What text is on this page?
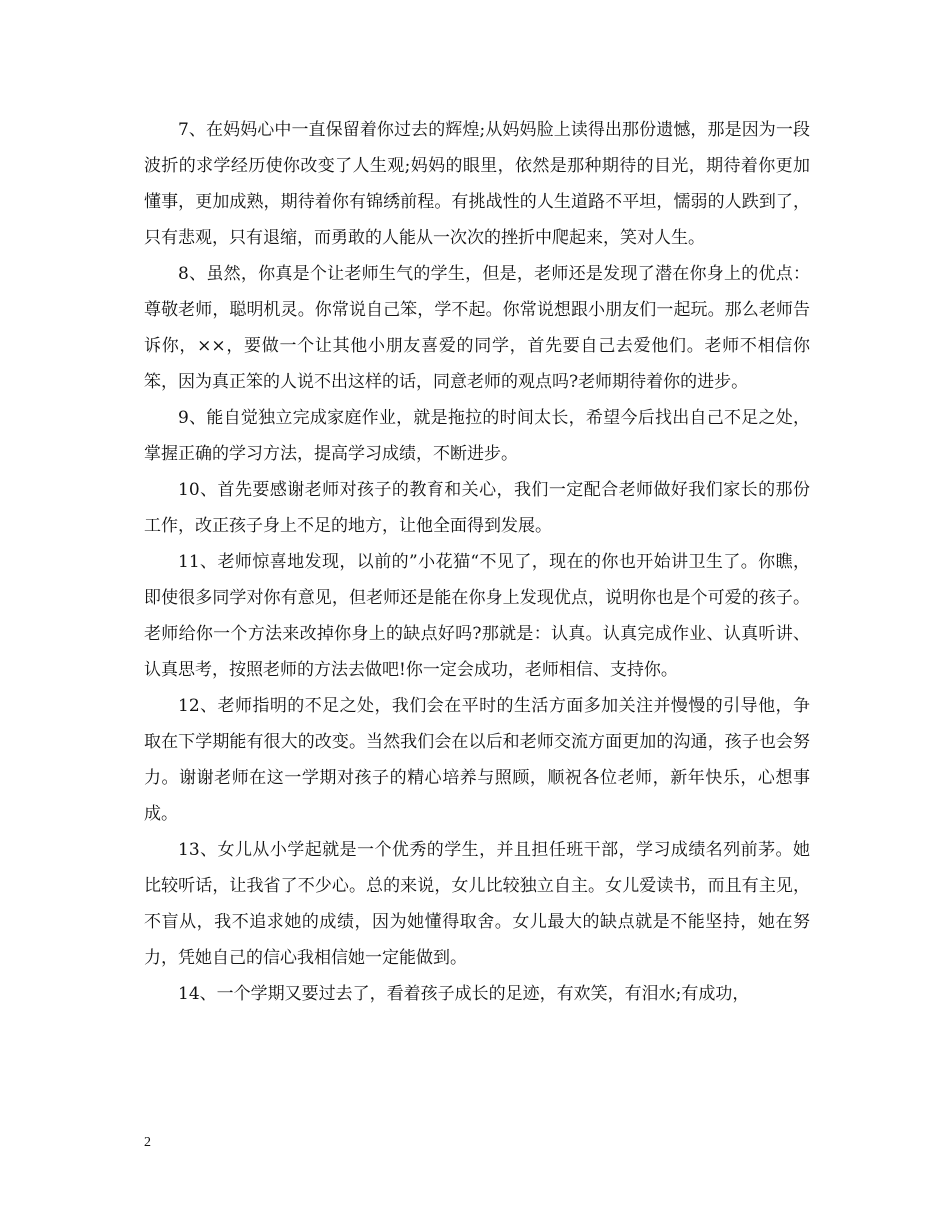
7、在妈妈心中一直保留着你过去的辉煌;从妈妈脸上读得出那份遗憾，那是因为一段波折的求学经历使你改变了人生观;妈妈的眼里，依然是那种期待的目光，期待着你更加懂事，更加成熟，期待着你有锦绣前程。有挑战性的人生道路不平坦，懦弱的人跌到了，只有悲观，只有退缩，而勇敢的人能从一次次的挫折中爬起来，笑对人生。

8、虽然，你真是个让老师生气的学生，但是，老师还是发现了潜在你身上的优点：尊敬老师，聪明机灵。你常说自己笨，学不起。你常说想跟小朋友们一起玩。那么老师告诉你，××，要做一个让其他小朋友喜爱的同学，首先要自己去爱他们。老师不相信你笨，因为真正笨的人说不出这样的话，同意老师的观点吗?老师期待着你的进步。

9、能自觉独立完成家庭作业，就是拖拉的时间太长，希望今后找出自己不足之处，掌握正确的学习方法，提高学习成绩，不断进步。

10、首先要感谢老师对孩子的教育和关心，我们一定配合老师做好我们家长的那份工作，改正孩子身上不足的地方，让他全面得到发展。

11、老师惊喜地发现，以前的”小花猫“不见了，现在的你也开始讲卫生了。你瞧，即使很多同学对你有意见，但老师还是能在你身上发现优点，说明你也是个可爱的孩子。老师给你一个方法来改掉你身上的缺点好吗?那就是：认真。认真完成作业、认真听讲、认真思考，按照老师的方法去做吧!你一定会成功，老师相信、支持你。

12、老师指明的不足之处，我们会在平时的生活方面多加关注并慢慢的引导他，争取在下学期能有很大的改变。当然我们会在以后和老师交流方面更加的沟通，孩子也会努力。谢谢老师在这一学期对孩子的精心培养与照顾，顺祝各位老师，新年快乐，心想事成。

13、女儿从小学起就是一个优秀的学生，并且担任班干部，学习成绩名列前茅。她比较听话，让我省了不少心。总的来说，女儿比较独立自主。女儿爱读书，而且有主见，不盲从，我不追求她的成绩，因为她懂得取舍。女儿最大的缺点就是不能坚持，她在努力，凭她自己的信心我相信她一定能做到。

14、一个学期又要过去了，看着孩子成长的足迹，有欢笑，有泪水;有成功，

2
